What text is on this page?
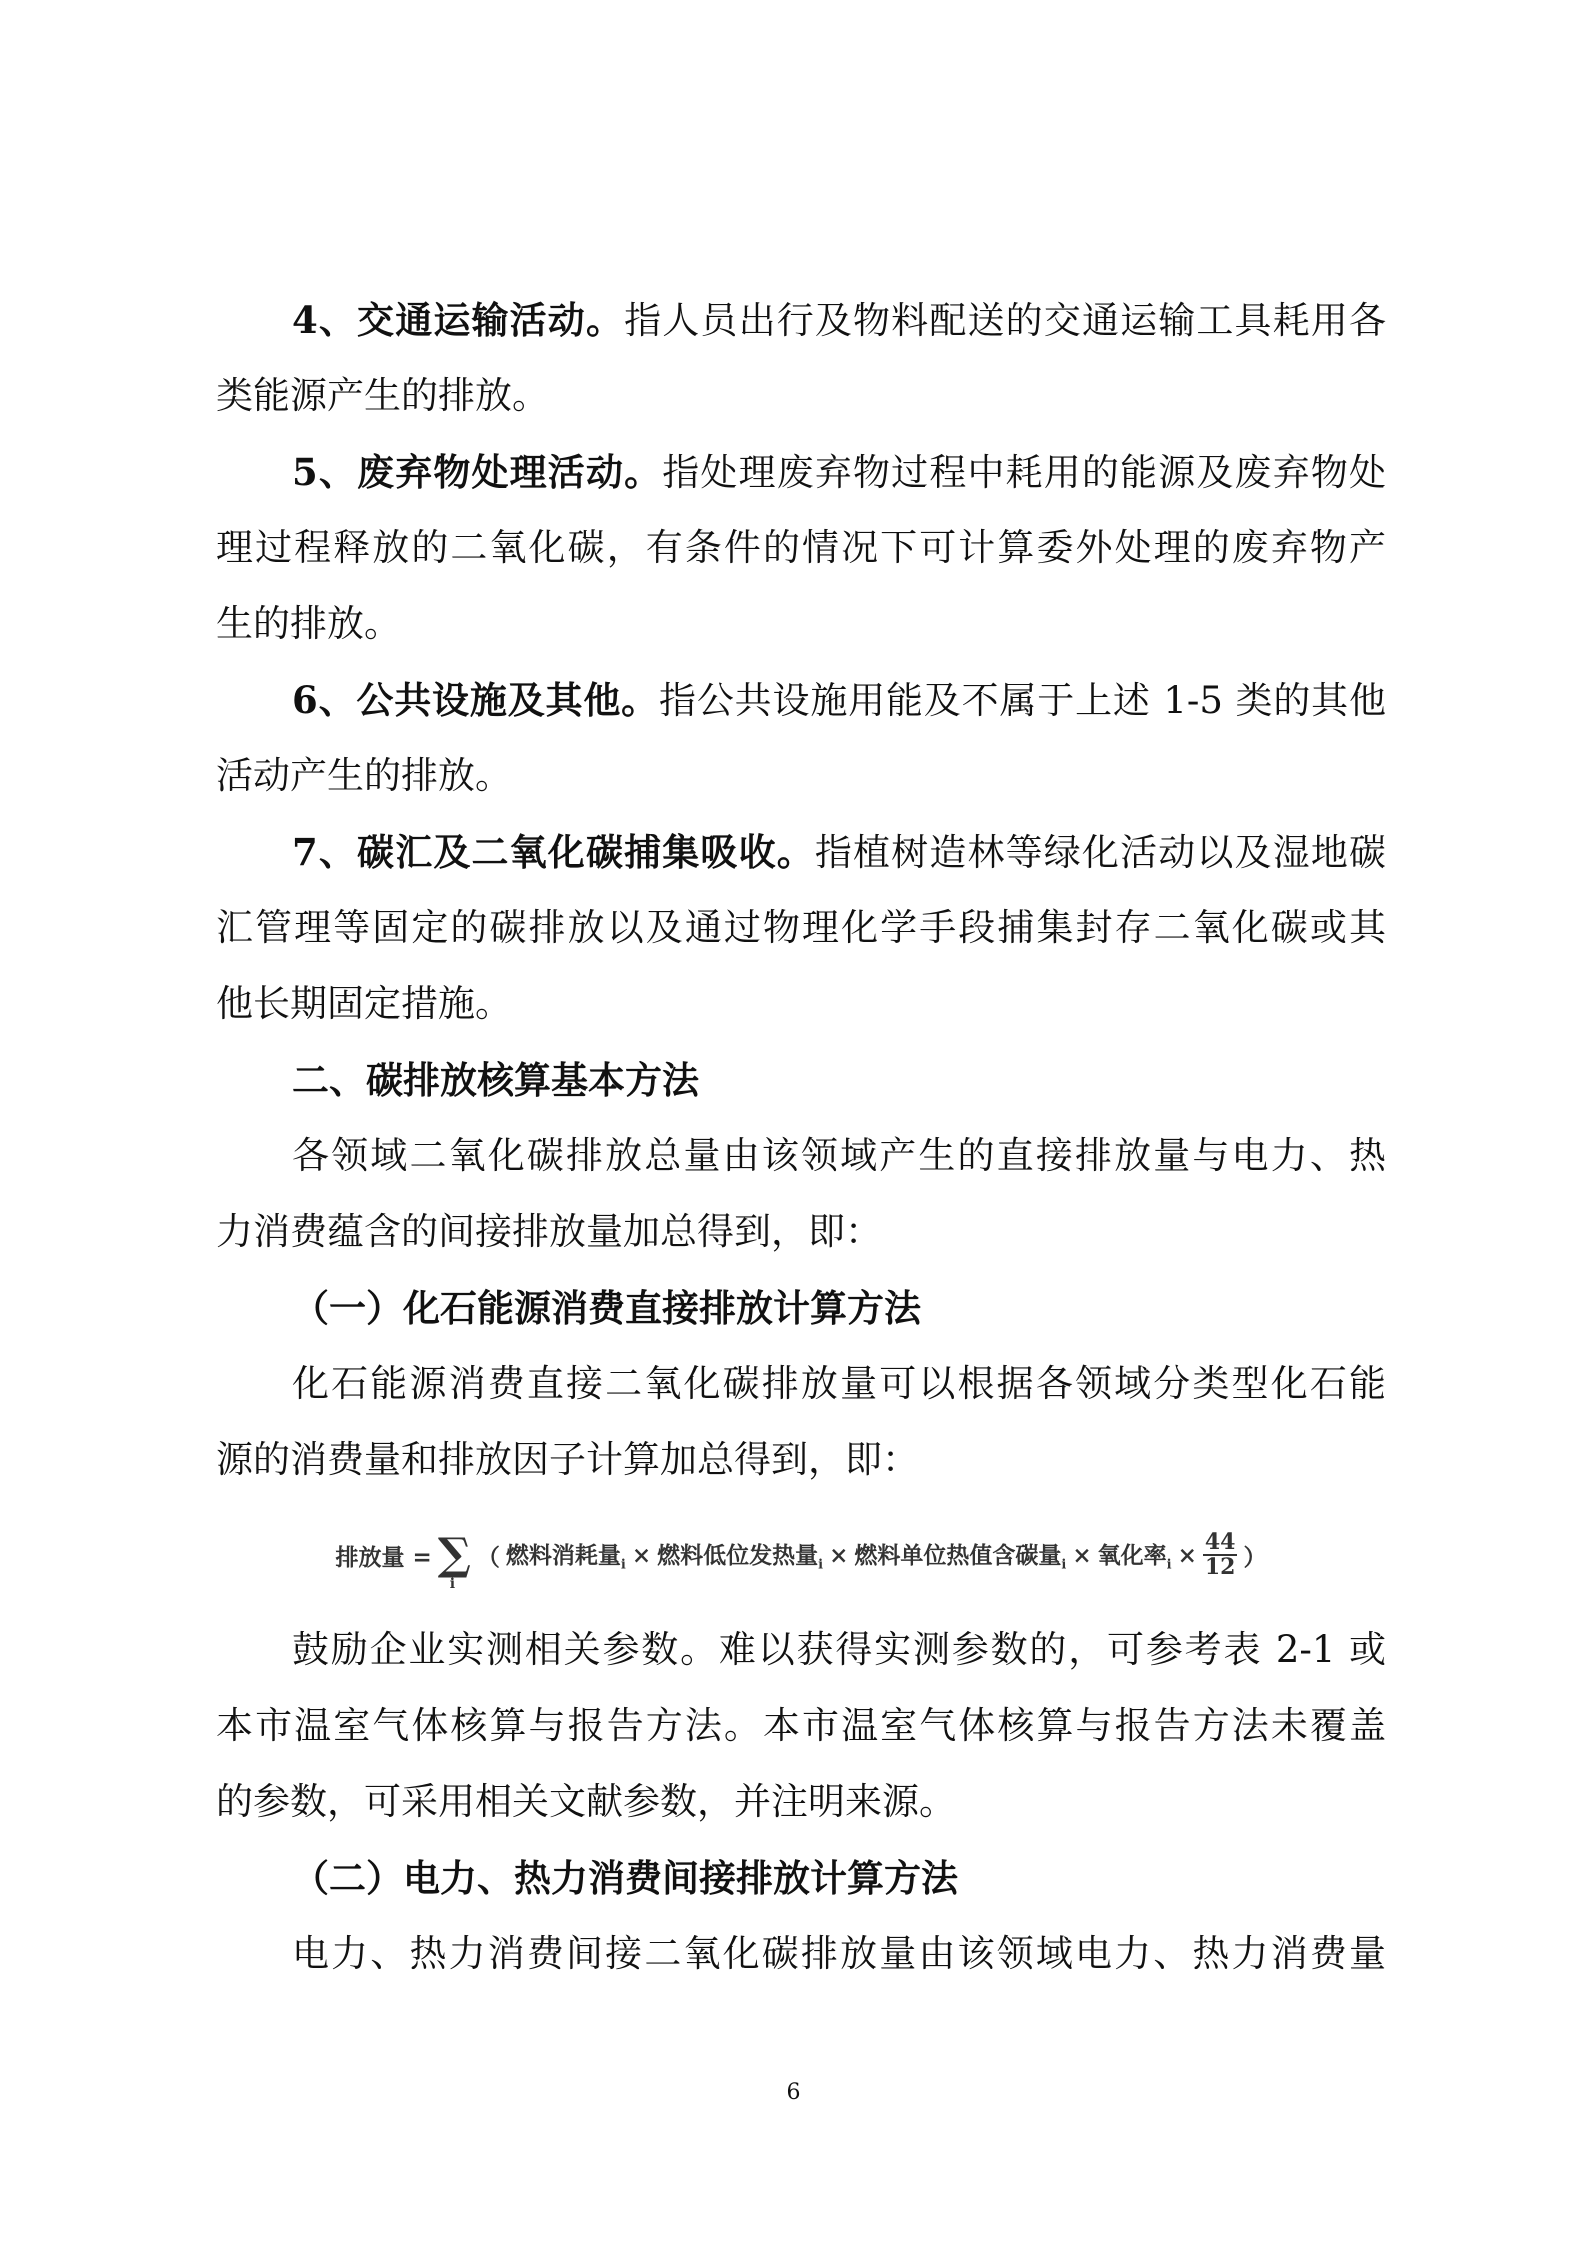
4、交通运输活动。指人员出行及物料配送的交通运输工具耗用各
类能源产生的排放。
5、废弃物处理活动。指处理废弃物过程中耗用的能源及废弃物处
理过程释放的二氧化碳，有条件的情况下可计算委外处理的废弃物产
生的排放。
6、公共设施及其他。指公共设施用能及不属于上述 1-5 类的其他
活动产生的排放。
7、碳汇及二氧化碳捕集吸收。指植树造林等绿化活动以及湿地碳
汇管理等固定的碳排放以及通过物理化学手段捕集封存二氧化碳或其
他长期固定措施。
二、碳排放核算基本方法
各领域二氧化碳排放总量由该领域产生的直接排放量与电力、热
力消费蕴含的间接排放量加总得到，即：
（一）化石能源消费直接排放计算方法
化石能源消费直接二氧化碳排放量可以根据各领域分类型化石能
源的消费量和排放因子计算加总得到，即：
排放量 = ∑
i
（ 燃料消耗量$_i$ × 燃料低位发热量$_i$ × 燃料单位热值含碳量$_i$ × 氧化率$_i \times \frac{44}{12}$ ）
鼓励企业实测相关参数。难以获得实测参数的，可参考表 2-1 或
本市温室气体核算与报告方法。本市温室气体核算与报告方法未覆盖
的参数，可采用相关文献参数，并注明来源。
（二）电力、热力消费间接排放计算方法
电力、热力消费间接二氧化碳排放量由该领域电力、热力消费量
6
